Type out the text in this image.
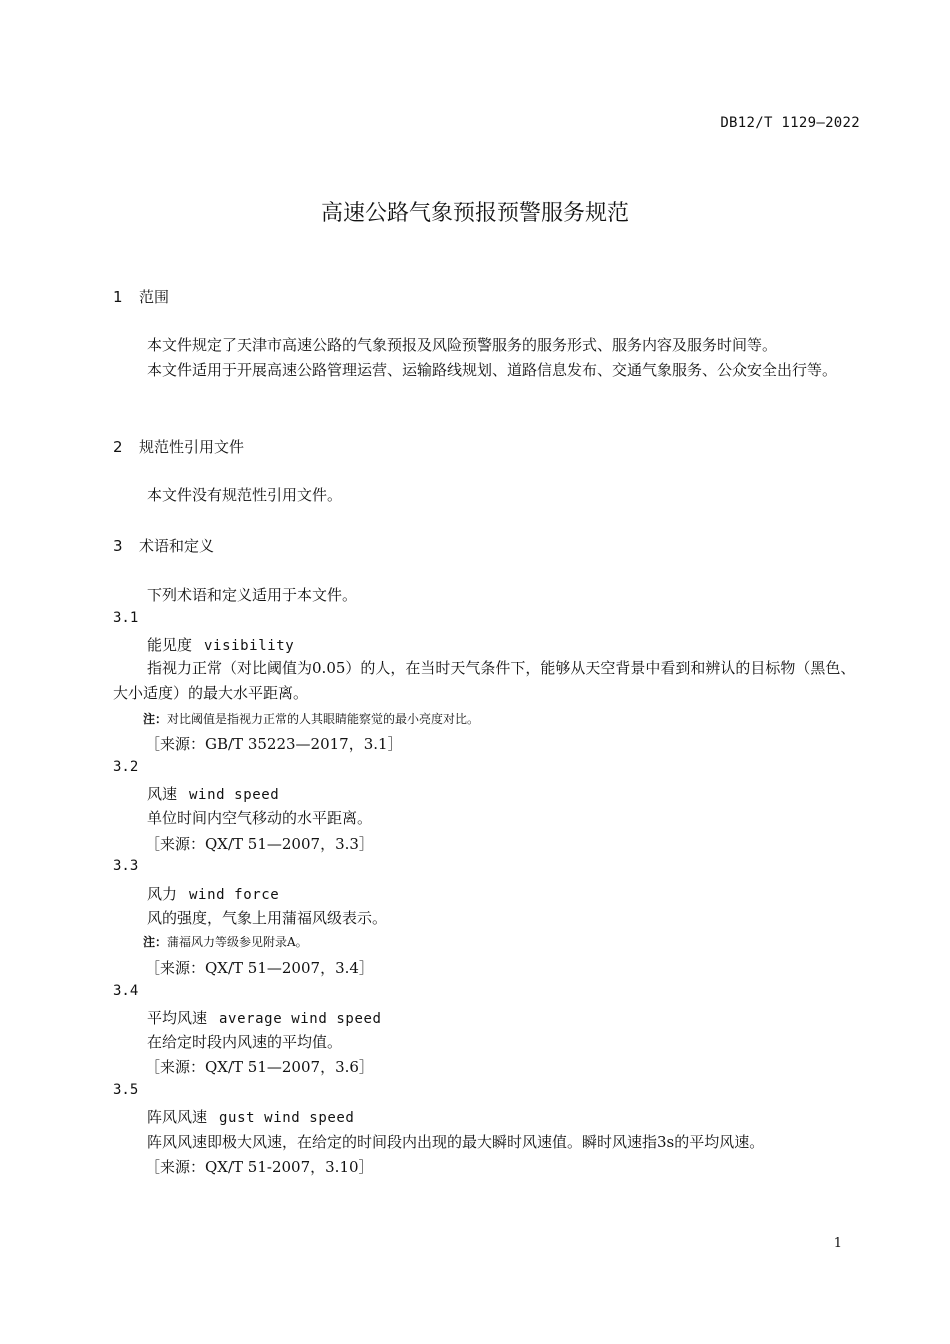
DB12/T 1129—2022
高速公路气象预报预警服务规范
1 范围
本文件规定了天津市高速公路的气象预报及风险预警服务的服务形式、服务内容及服务时间等。
本文件适用于开展高速公路管理运营、运输路线规划、道路信息发布、交通气象服务、公众安全出行等。
2 规范性引用文件
本文件没有规范性引用文件。
3 术语和定义
下列术语和定义适用于本文件。
3.1
能见度 visibility
指视力正常（对比阈值为0.05）的人，在当时天气条件下，能够从天空背景中看到和辨认的目标物（黑色、大小适度）的最大水平距离。
注：对比阈值是指视力正常的人其眼睛能察觉的最小亮度对比。
［来源：GB/T 35223—2017，3.1］
3.2
风速 wind speed
单位时间内空气移动的水平距离。
［来源：QX/T 51—2007，3.3］
3.3
风力 wind force
风的强度，气象上用蒲福风级表示。
注：蒲福风力等级参见附录A。
［来源：QX/T 51—2007，3.4］
3.4
平均风速 average wind speed
在给定时段内风速的平均值。
［来源：QX/T 51—2007，3.6］
3.5
阵风风速 gust wind speed
阵风风速即极大风速，在给定的时间段内出现的最大瞬时风速值。瞬时风速指3s的平均风速。
［来源：QX/T 51-2007，3.10］
1
